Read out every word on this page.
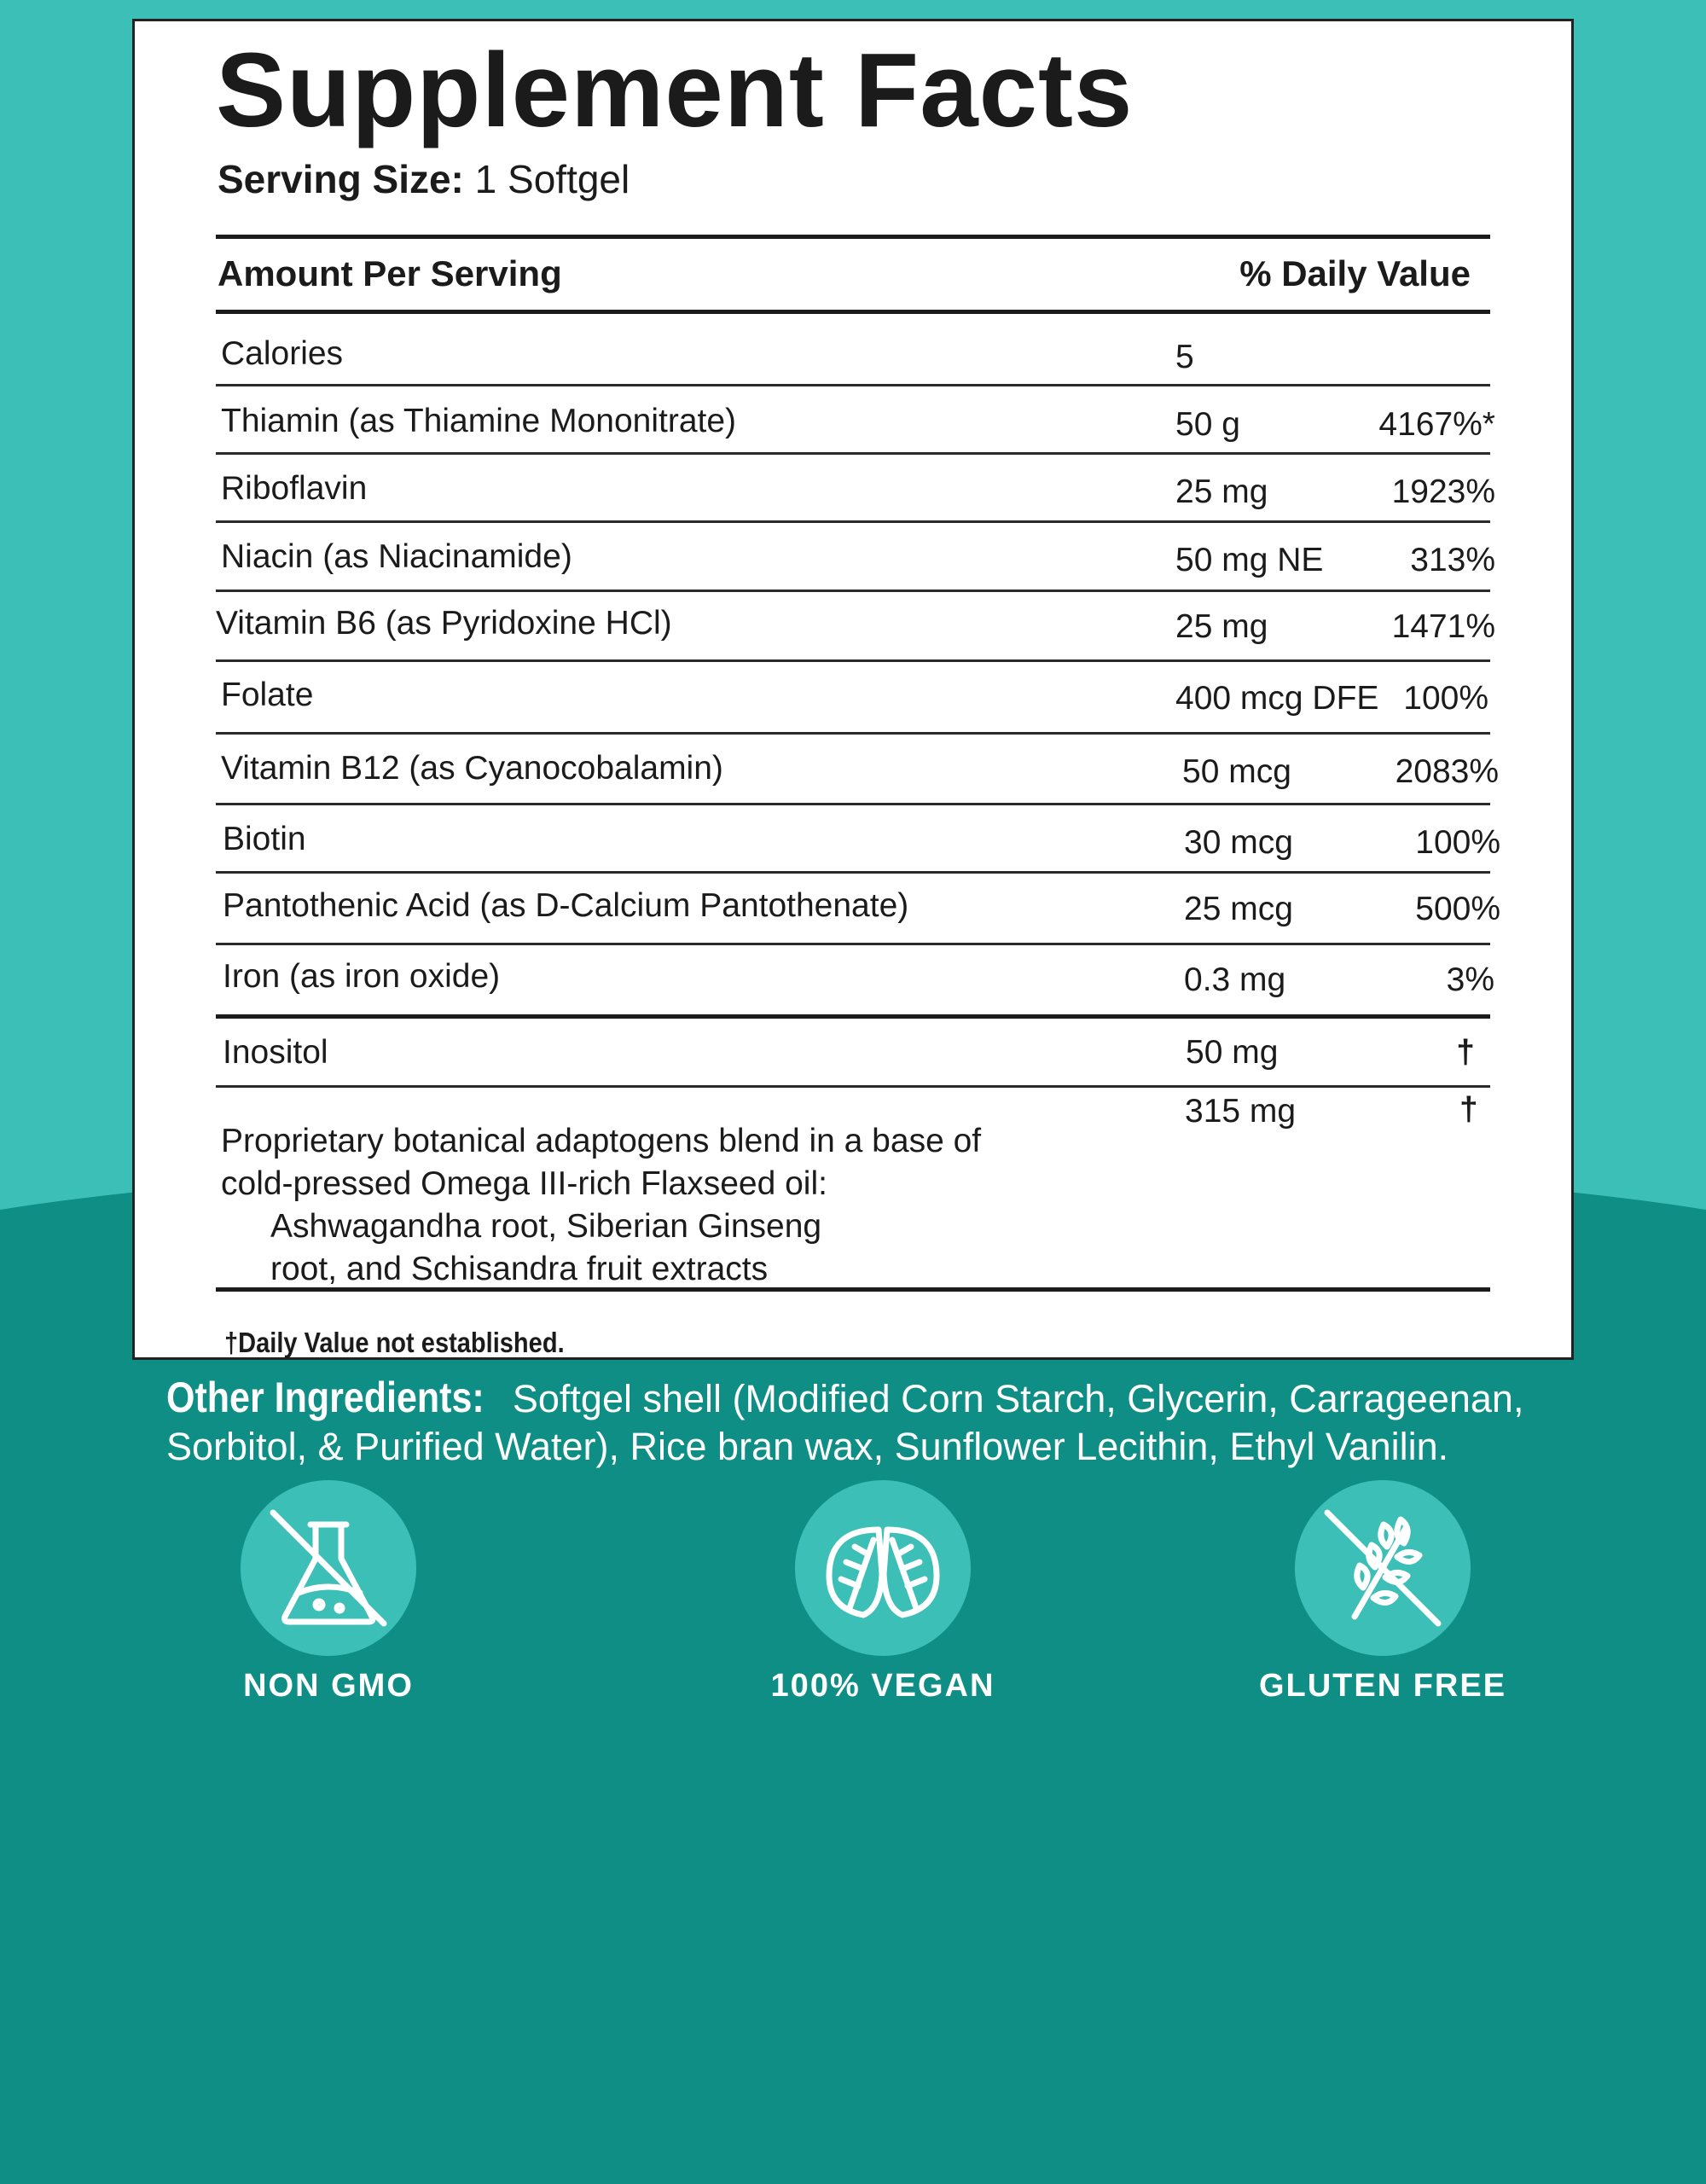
Supplement Facts
Serving Size: 1 Softgel
Amount Per Serving	% Daily Value
Calories	5
Thiamin (as Thiamine Mononitrate)	50 g	4167%*
Riboflavin	25 mg	1923%
Niacin (as Niacinamide)	50 mg NE	313%
Vitamin B6 (as Pyridoxine HCl)	25 mg	1471%
Folate	400 mcg DFE 100%
Vitamin B12 (as Cyanocobalamin)	50 mcg	2083%
Biotin	30 mcg	100%
Pantothenic Acid (as D-Calcium Pantothenate)	25 mcg	500%
Iron (as iron oxide)	0.3 mg	3%
Inositol	50 mg	†
Proprietary botanical adaptogens blend in a base of
cold-pressed Omega III-rich Flaxseed oil:
Ashwagandha root, Siberian Ginseng
root, and Schisandra fruit extracts
315 mg	†
†Daily Value not established.
Other Ingredients: Softgel shell (Modified Corn Starch, Glycerin, Carrageenan, Sorbitol, & Purified Water), Rice bran wax, Sunflower Lecithin, Ethyl Vanilin.
NON GMO	100% VEGAN	GLUTEN FREE
